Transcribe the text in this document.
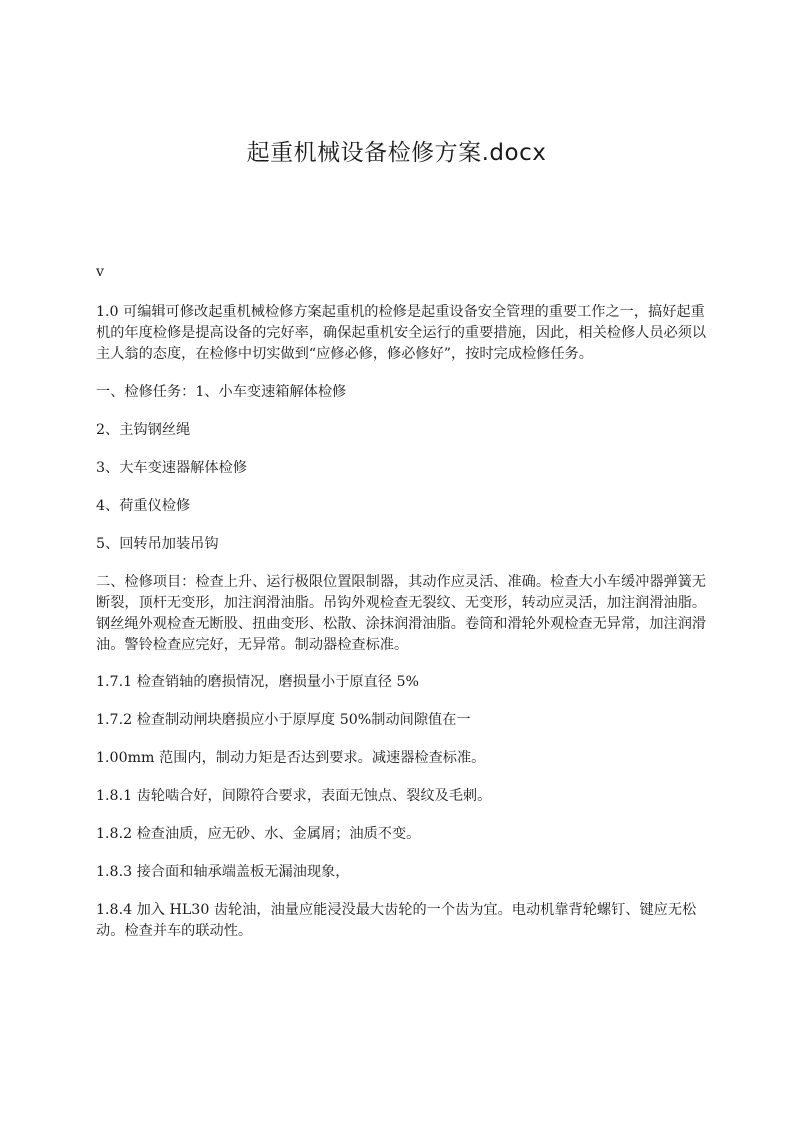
起重机械设备检修方案.docx

v

1.0 可编辑可修改起重机械检修方案起重机的检修是起重设备安全管理的重要工作之一，搞好起重机的年度检修是提高设备的完好率，确保起重机安全运行的重要措施，因此，相关检修人员必须以主人翁的态度，在检修中切实做到“应修必修，修必修好”，按时完成检修任务。

一、检修任务：1、小车变速箱解体检修

2、主钩钢丝绳

3、大车变速器解体检修

4、荷重仪检修

5、回转吊加装吊钩

二、检修项目：检查上升、运行极限位置限制器，其动作应灵活、准确。检查大小车缓冲器弹簧无断裂，顶杆无变形，加注润滑油脂。吊钩外观检查无裂纹、无变形，转动应灵活，加注润滑油脂。钢丝绳外观检查无断股、扭曲变形、松散、涂抹润滑油脂。卷筒和滑轮外观检查无异常，加注润滑油。警铃检查应完好，无异常。制动器检查标准。

1.7.1 检查销轴的磨损情况，磨损量小于原直径 5%

1.7.2 检查制动闸块磨损应小于原厚度 50%制动间隙值在一

1.00mm 范围内，制动力矩是否达到要求。减速器检查标准。

1.8.1 齿轮啮合好，间隙符合要求，表面无蚀点、裂纹及毛刺。

1.8.2 检查油质，应无砂、水、金属屑；油质不变。

1.8.3 接合面和轴承端盖板无漏油现象，

1.8.4 加入 HL30 齿轮油，油量应能浸没最大齿轮的一个齿为宜。电动机靠背轮螺钉、键应无松动。检查并车的联动性。
